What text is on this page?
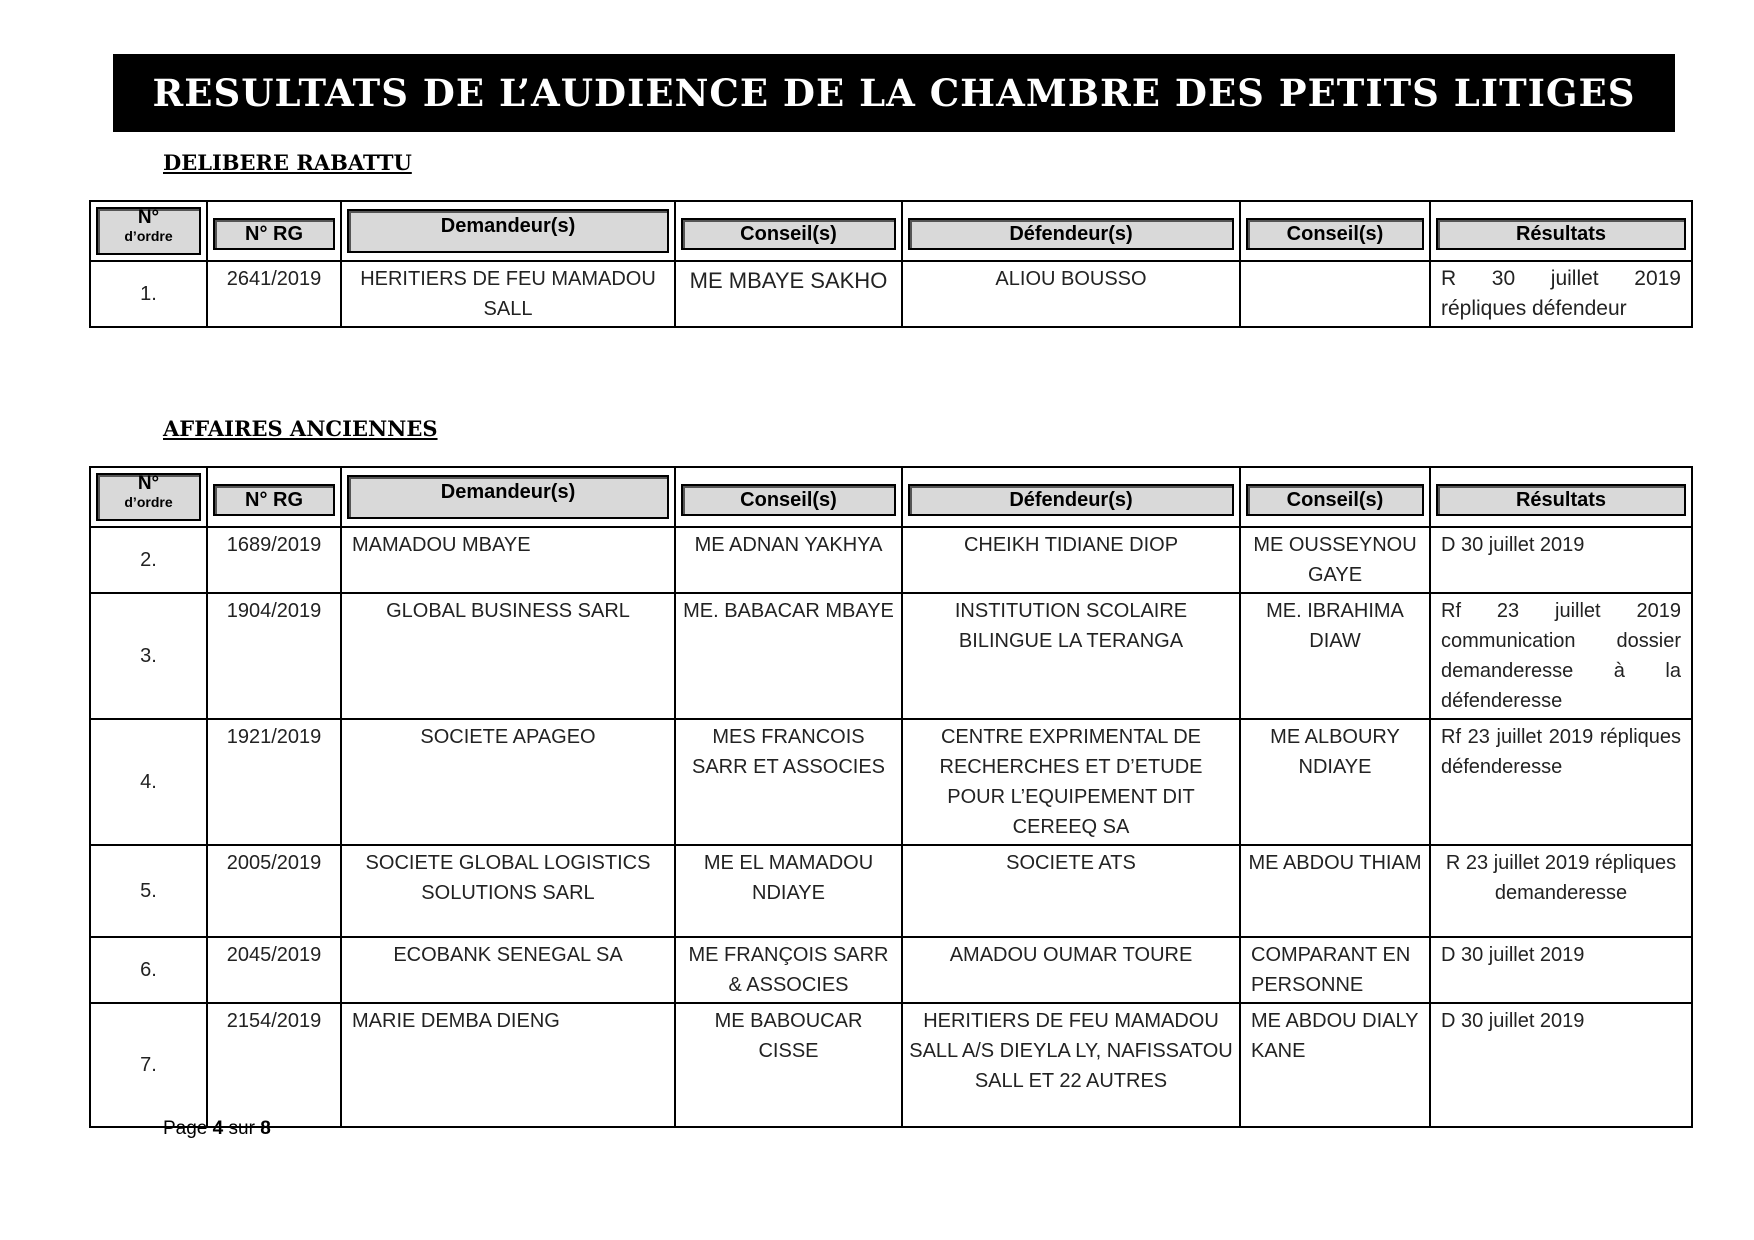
RESULTATS DE L’AUDIENCE DE LA CHAMBRE DES PETITS LITIGES
DELIBERE RABATTU
N°
d’ordre	N° RG	Demandeur(s)	Conseil(s)	Défendeur(s)	Conseil(s)	Résultats

1.	2641/2019	HERITIERS DE FEU MAMADOU SALL	ME MBAYE SAKHO	ALIOU BOUSSO		R 30 juillet 2019 répliques défendeur
AFFAIRES ANCIENNES
N°
d’ordre	N° RG	Demandeur(s)	Conseil(s)	Défendeur(s)	Conseil(s)	Résultats

2.	1689/2019	MAMADOU MBAYE	ME ADNAN YAKHYA	CHEIKH TIDIANE DIOP	ME OUSSEYNOU GAYE	D 30 juillet 2019
3.	1904/2019	GLOBAL BUSINESS SARL	ME. BABACAR MBAYE	INSTITUTION SCOLAIRE BILINGUE LA TERANGA	ME. IBRAHIMA DIAW	Rf 23 juillet 2019 communication dossier demanderesse à la défenderesse
4.	1921/2019	SOCIETE APAGEO	MES FRANCOIS SARR ET ASSOCIES	CENTRE EXPRIMENTAL DE RECHERCHES ET D’ETUDE POUR L’EQUIPEMENT DIT CEREEQ SA	ME ALBOURY NDIAYE	Rf 23 juillet 2019 répliques défenderesse
5.	2005/2019	SOCIETE GLOBAL LOGISTICS SOLUTIONS SARL	ME EL MAMADOU NDIAYE	SOCIETE ATS	ME ABDOU THIAM	R 23 juillet 2019 répliques demanderesse
6.	2045/2019	ECOBANK SENEGAL SA	ME FRANÇOIS SARR & ASSOCIES	AMADOU OUMAR TOURE	COMPARANT EN PERSONNE	D 30 juillet 2019
7.	2154/2019	MARIE DEMBA DIENG	ME BABOUCAR CISSE	HERITIERS DE FEU MAMADOU SALL A/S DIEYLA LY, NAFISSATOU SALL ET 22 AUTRES	ME ABDOU DIALY KANE	D 30 juillet 2019
Page 4 sur 8
